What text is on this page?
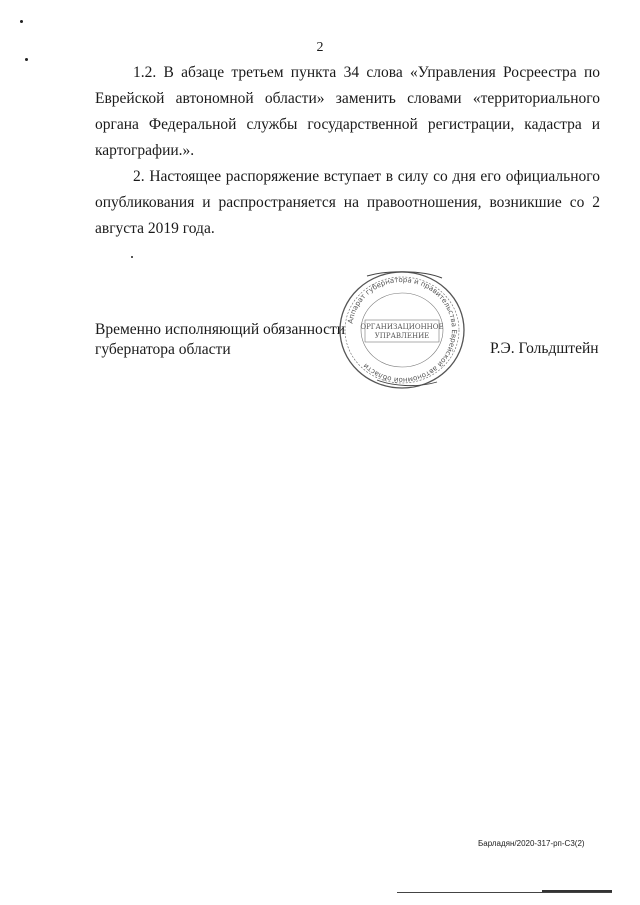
2
1.2. В абзаце третьем пункта 34 слова «Управления Росреестра по Еврейской автономной области» заменить словами «территориального органа Федеральной службы государственной регистрации, кадастра и картографии.».
2. Настоящее распоряжение вступает в силу со дня его официального опубликования и распространяется на правоотношения, возникшие со 2 августа 2019 года.
Временно исполняющий обязанности
губернатора области
Аппарат губернатора и правительства Еврейской автономной области
ОРГАНИЗАЦИОННОЕ
УПРАВЛЕНИЕ
Р.Э. Гольдштейн
Барладян/2020-317-рп-С3(2)
